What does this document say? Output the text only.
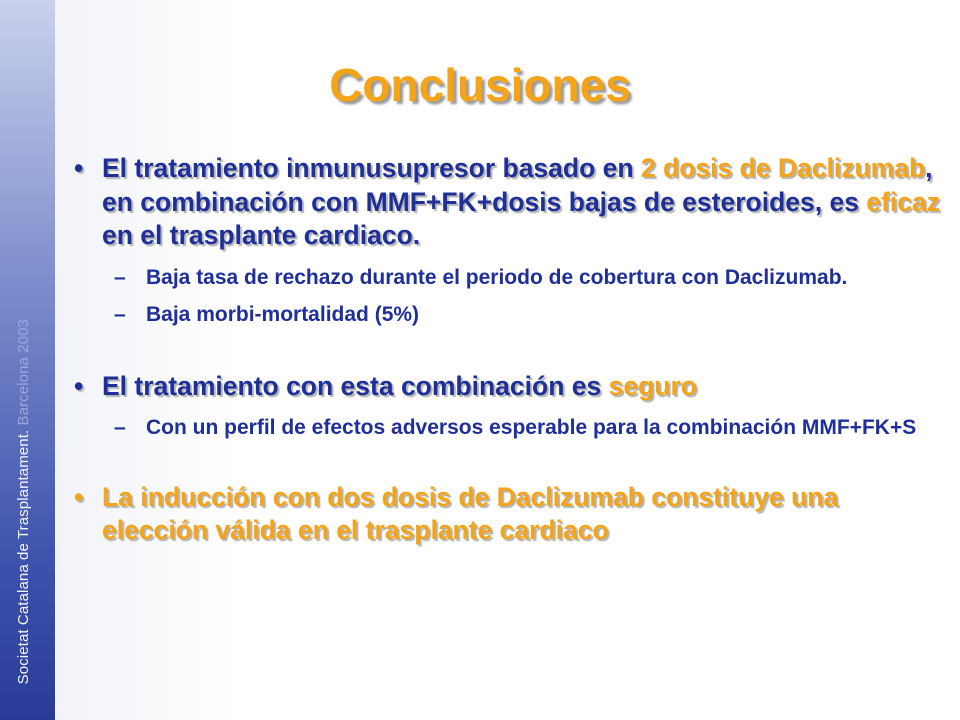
Societat Catalana de Trasplantament. Barcelona 2003
Conclusiones
• El tratamiento inmunusupresor basado en 2 dosis de Daclizumab, en combinación con MMF+FK+dosis bajas de esteroides, es eficaz en el trasplante cardiaco.
– Baja tasa de rechazo durante el periodo de cobertura con Daclizumab.
– Baja morbi-mortalidad (5%)
• El tratamiento con esta combinación es seguro
– Con un perfil de efectos adversos esperable para la combinación MMF+FK+S
• La inducción con dos dosis de Daclizumab constituye una elección válida en el trasplante cardiaco
